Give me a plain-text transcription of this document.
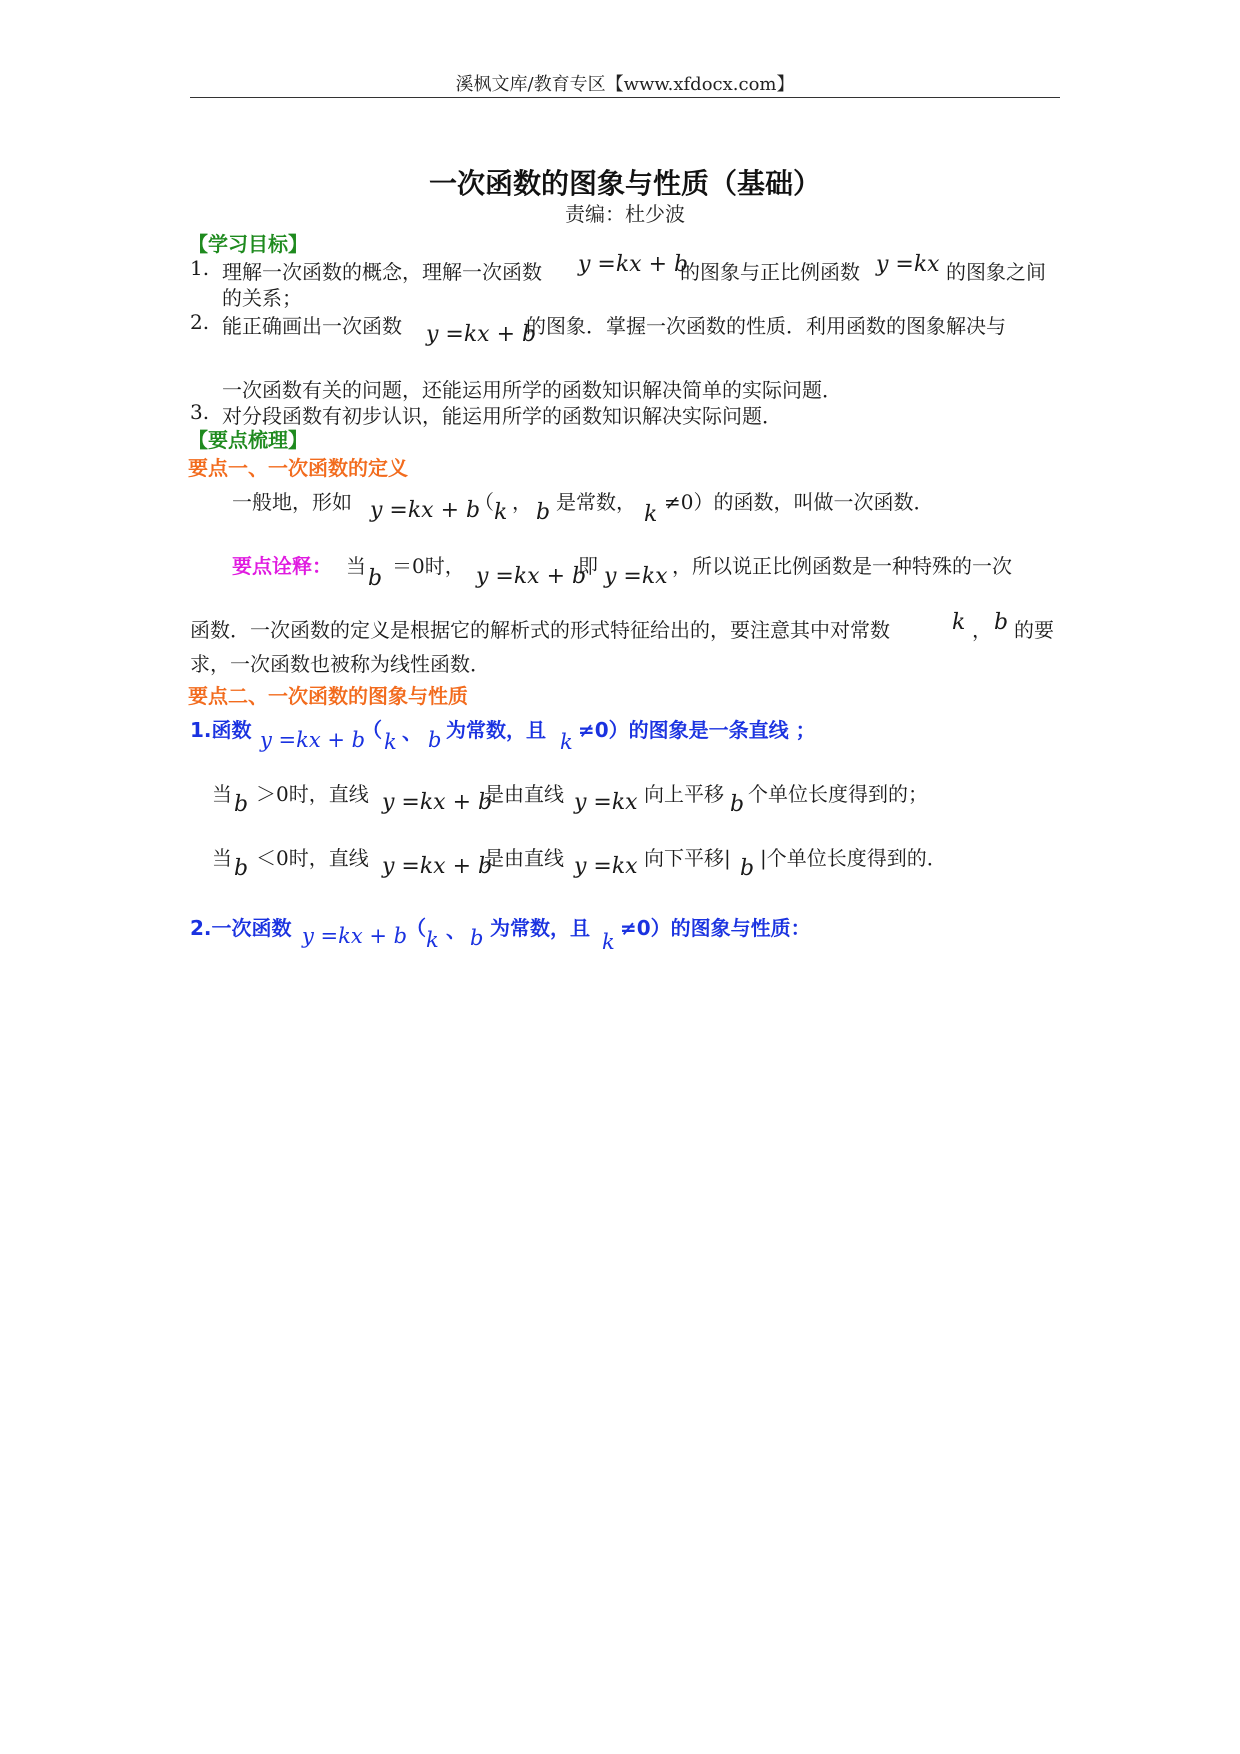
溪枫文库/教育专区【www.xfdocx.com】
一次函数的图象与性质（基础）
责编：杜少波
【学习目标】
1. 理解一次函数的概念，理解一次函数 y =kx + b
的图象与正比例函数 y =kx 的图象之间
的关系；
2. 能正确画出一次函数 y =kx + b
的图象．掌握一次函数的性质．利用函数的图象解决与
一次函数有关的问题，还能运用所学的函数知识解决简单的实际问题．
3. 对分段函数有初步认识，能运用所学的函数知识解决实际问题．
【要点梳理】
要点一、一次函数的定义
一般地，形如 y =kx + b
（ k ， b 是常数， k ≠0）的函数，叫做一次函数．
要点诠释： 当 b ＝0时， y =kx + b
即 y =kx ，所以说正比例函数是一种特殊的一次
函数．一次函数的定义是根据它的解析式的形式特征给出的，要注意其中对常数	k ， b 的要
求，一次函数也被称为线性函数．
要点二、一次函数的图象与性质
1.函数 y =kx + b
（ k 、 b 为常数，且 k ≠0）的图象是一条直线 ；
当 b ＞0时，直线 y =kx + b
是由直线 y =kx 向上平移 b 个单位长度得到的；
当 b ＜0时，直线 y =kx + b
是由直线 y =kx 向下平移| b |个单位长度得到的．
2.一次函数 y =kx + b
（ k 、 b 为常数，且
k
≠0）的图象与性质：
